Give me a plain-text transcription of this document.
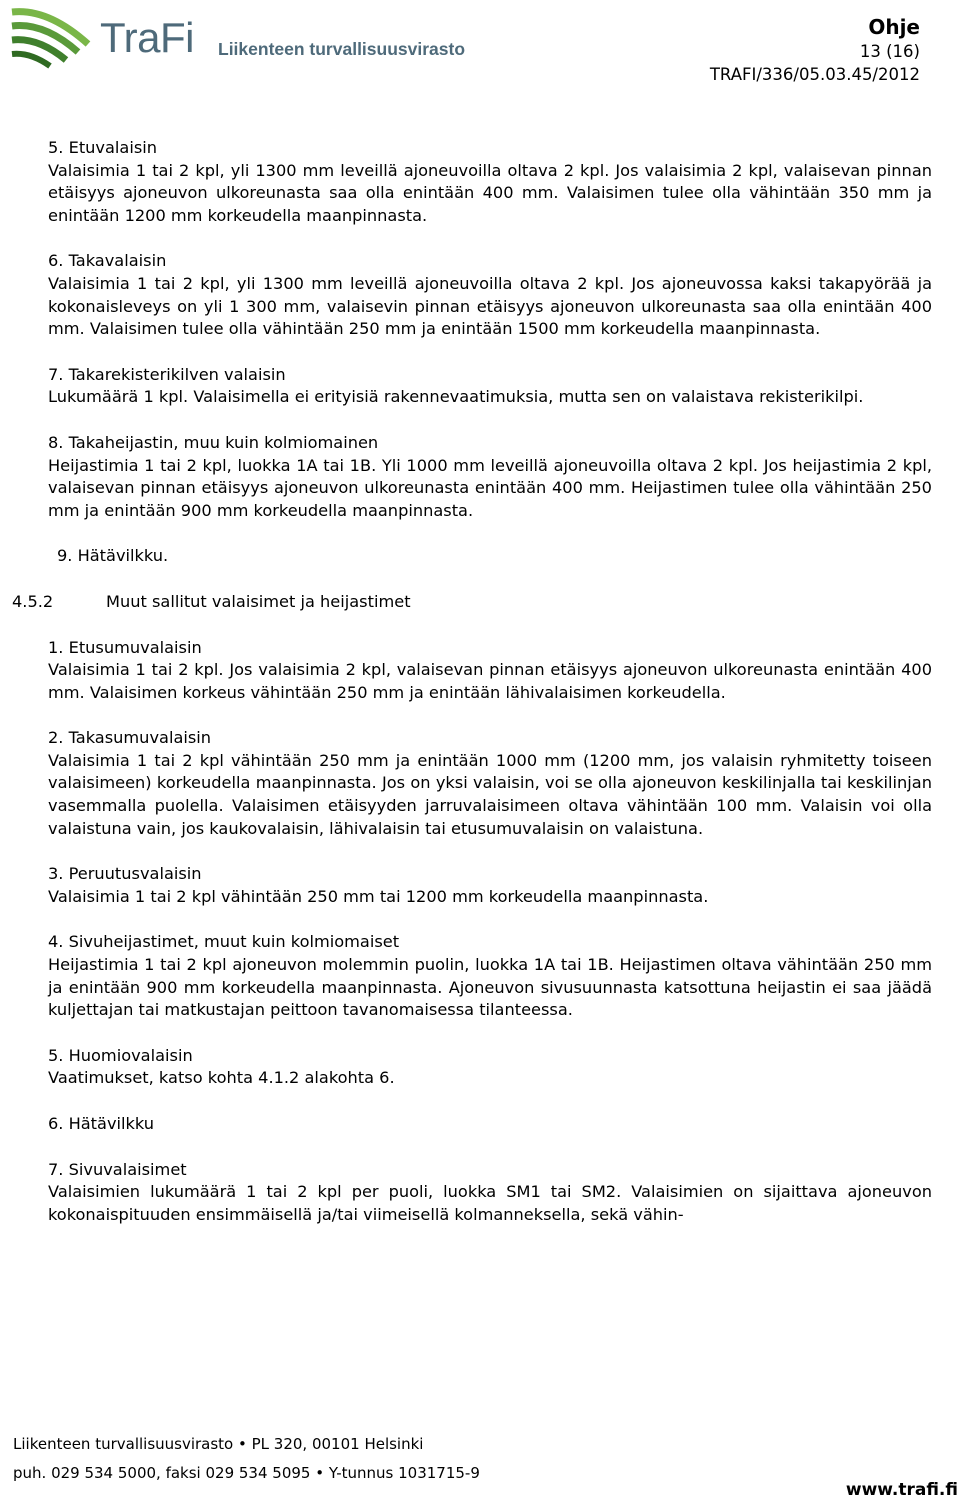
TraFi Liikenteen turvallisuusvirasto
Ohje
13 (16)
TRAFI/336/05.03.45/2012
5. Etuvalaisin
Valaisimia 1 tai 2 kpl, yli 1300 mm leveillä ajoneuvoilla oltava 2 kpl. Jos valaisimia 2 kpl, valaisevan pinnan etäisyys ajoneuvon ulkoreunasta saa olla enintään 400 mm. Valaisimen tulee olla vähintään 350 mm ja enintään 1200 mm korkeudella maanpinnasta.
6. Takavalaisin
Valaisimia 1 tai 2 kpl, yli 1300 mm leveillä ajoneuvoilla oltava 2 kpl. Jos ajoneuvossa kaksi takapyörää ja kokonaisleveys on yli 1 300 mm, valaisevin pinnan etäisyys ajoneuvon ulkoreunasta saa olla enintään 400 mm. Valaisimen tulee olla vähintään 250 mm ja enintään 1500 mm korkeudella maanpinnasta.
7. Takarekisterikilven valaisin
Lukumäärä 1 kpl. Valaisimella ei erityisiä rakennevaatimuksia, mutta sen on valaistava rekisterikilpi.
8. Takaheijastin, muu kuin kolmiomainen
Heijastimia 1 tai 2 kpl, luokka 1A tai 1B. Yli 1000 mm leveillä ajoneuvoilla oltava 2 kpl. Jos heijastimia 2 kpl, valaisevan pinnan etäisyys ajoneuvon ulkoreunasta enintään 400 mm. Heijastimen tulee olla vähintään 250 mm ja enintään 900 mm korkeudella maanpinnasta.
9. Hätävilkku.
4.5.2	Muut sallitut valaisimet ja heijastimet
1. Etusumuvalaisin
Valaisimia 1 tai 2 kpl. Jos valaisimia 2 kpl, valaisevan pinnan etäisyys ajoneuvon ulkoreunasta enintään 400 mm. Valaisimen korkeus vähintään 250 mm ja enintään lähivalaisimen korkeudella.
2. Takasumuvalaisin
Valaisimia 1 tai 2 kpl vähintään 250 mm ja enintään 1000 mm (1200 mm, jos valaisin ryhmitetty toiseen valaisimeen) korkeudella maanpinnasta. Jos on yksi valaisin, voi se olla ajoneuvon keskilinjalla tai keskilinjan vasemmalla puolella. Valaisimen etäisyyden jarruvalaisimeen oltava vähintään 100 mm. Valaisin voi olla valaistuna vain, jos kaukovalaisin, lähivalaisin tai etusumuvalaisin on valaistuna.
3. Peruutusvalaisin
Valaisimia 1 tai 2 kpl vähintään 250 mm tai 1200 mm korkeudella maanpinnasta.
4. Sivuheijastimet, muut kuin kolmiomaiset
Heijastimia 1 tai 2 kpl ajoneuvon molemmin puolin, luokka 1A tai 1B. Heijastimen oltava vähintään 250 mm ja enintään 900 mm korkeudella maanpinnasta. Ajoneuvon sivusuunnasta katsottuna heijastin ei saa jäädä kuljettajan tai matkustajan peittoon tavanomaisessa tilanteessa.
5. Huomiovalaisin
Vaatimukset, katso kohta 4.1.2 alakohta 6.
6. Hätävilkku
7. Sivuvalaisimet
Valaisimien lukumäärä 1 tai 2 kpl per puoli, luokka SM1 tai SM2. Valaisimien on sijaittava ajoneuvon kokonaispituuden ensimmäisellä ja/tai viimeisellä kolmanneksella, sekä vähin-
Liikenteen turvallisuusvirasto • PL 320, 00101 Helsinki
puh. 029 534 5000, faksi 029 534 5095 • Y-tunnus 1031715-9
www.trafi.fi
